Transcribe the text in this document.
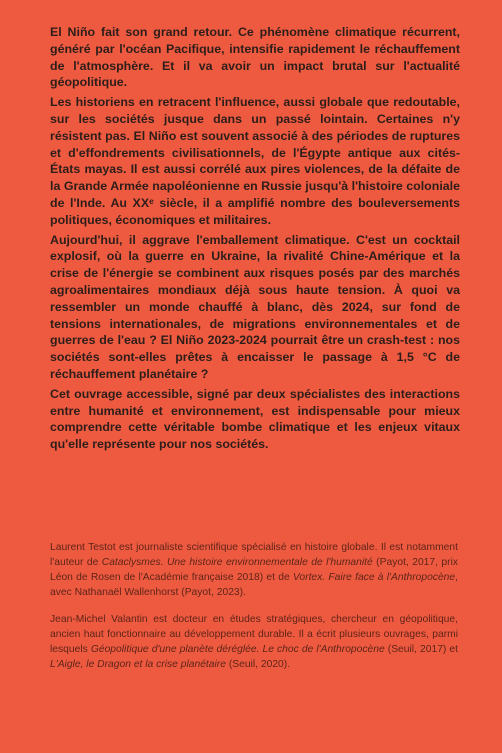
El Niño fait son grand retour. Ce phénomène climatique récurrent, généré par l'océan Pacifique, intensifie rapidement le réchauffement de l'atmosphère. Et il va avoir un impact brutal sur l'actualité géopolitique.

Les historiens en retracent l'influence, aussi globale que redoutable, sur les sociétés jusque dans un passé lointain. Certaines n'y résistent pas. El Niño est souvent associé à des périodes de ruptures et d'effondrements civilisationnels, de l'Égypte antique aux cités-États mayas. Il est aussi corrélé aux pires violences, de la défaite de la Grande Armée napoléonienne en Russie jusqu'à l'histoire coloniale de l'Inde. Au XXᵉ siècle, il a amplifié nombre des bouleversements politiques, économiques et militaires.

Aujourd'hui, il aggrave l'emballement climatique. C'est un cocktail explosif, où la guerre en Ukraine, la rivalité Chine-Amérique et la crise de l'énergie se combinent aux risques posés par des marchés agroalimentaires mondiaux déjà sous haute tension. À quoi va ressembler un monde chauffé à blanc, dès 2024, sur fond de tensions internationales, de migrations environnementales et de guerres de l'eau ? El Niño 2023-2024 pourrait être un crash-test : nos sociétés sont-elles prêtes à encaisser le passage à 1,5 °C de réchauffement planétaire ?

Cet ouvrage accessible, signé par deux spécialistes des interactions entre humanité et environnement, est indispensable pour mieux comprendre cette véritable bombe climatique et les enjeux vitaux qu'elle représente pour nos sociétés.

Laurent Testot est journaliste scientifique spécialisé en histoire globale. Il est notamment l'auteur de Cataclysmes. Une histoire environnementale de l'humanité (Payot, 2017, prix Léon de Rosen de l'Académie française 2018) et de Vortex. Faire face à l'Anthropocène, avec Nathanaël Wallenhorst (Payot, 2023).

Jean-Michel Valantin est docteur en études stratégiques, chercheur en géopolitique, ancien haut fonctionnaire au développement durable. Il a écrit plusieurs ouvrages, parmi lesquels Géopolitique d'une planète déréglée. Le choc de l'Anthropocène (Seuil, 2017) et L'Aigle, le Dragon et la crise planétaire (Seuil, 2020).
